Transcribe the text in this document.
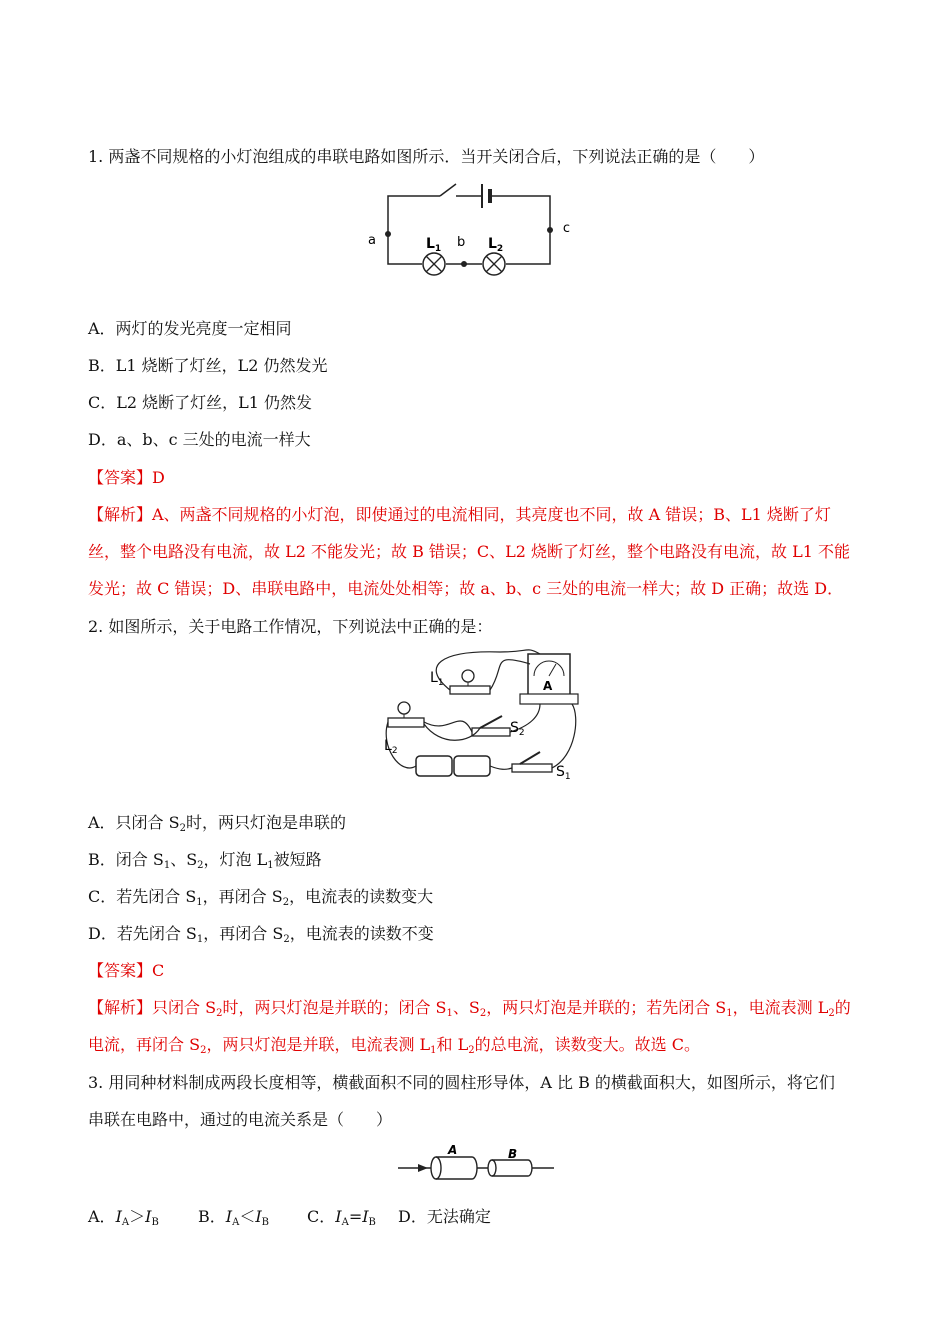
1. 两盏不同规格的小灯泡组成的串联电路如图所示．当开关闭合后，下列说法正确的是（　　）
a	b
c
$L_1$	$L_2$
A．两灯的发光亮度一定相同
B．L1 烧断了灯丝，L2 仍然发光
C．L2 烧断了灯丝，L1 仍然发
D．a、b、c 三处的电流一样大
【答案】D
【解析】A、两盏不同规格的小灯泡，即使通过的电流相同，其亮度也不同，故 A 错误；B、L1 烧断了灯
丝，整个电路没有电流，故 L2 不能发光；故 B 错误；C、L2 烧断了灯丝，整个电路没有电流，故 L1 不能
发光；故 C 错误；D、串联电路中，电流处处相等；故 a、b、c 三处的电流一样大；故 D 正确；故选 D．
2. 如图所示，关于电路工作情况，下列说法中正确的是：
A
$L_1$
$L_2$
$S_2$
$S_1$
A．只闭合 $S_2$时，两只灯泡是串联的
B．闭合 $S_1$、$S_2$，灯泡 $L_1$被短路
C．若先闭合 $S_1$，再闭合 $S_2$，电流表的读数变大
D．若先闭合 $S_1$，再闭合 $S_2$，电流表的读数不变
【答案】C
【解析】只闭合 $S_2$时，两只灯泡是并联的；闭合 $S_1$、$S_2$，两只灯泡是并联的；若先闭合 $S_1$，电流表测 $L_2$的
电流，再闭合 $S_2$，两只灯泡是并联，电流表测 $L_1$和 $L_2$的总电流，读数变大。故选 C。
3. 用同种材料制成两段长度相等，横截面积不同的圆柱形导体，A 比 B 的横截面积大，如图所示，将它们
串联在电路中，通过的电流关系是（　　）
A	B
A．$I_A>I_B$ B．$I_A<I_B$ C．$I_A=I_B$ D．无法确定
